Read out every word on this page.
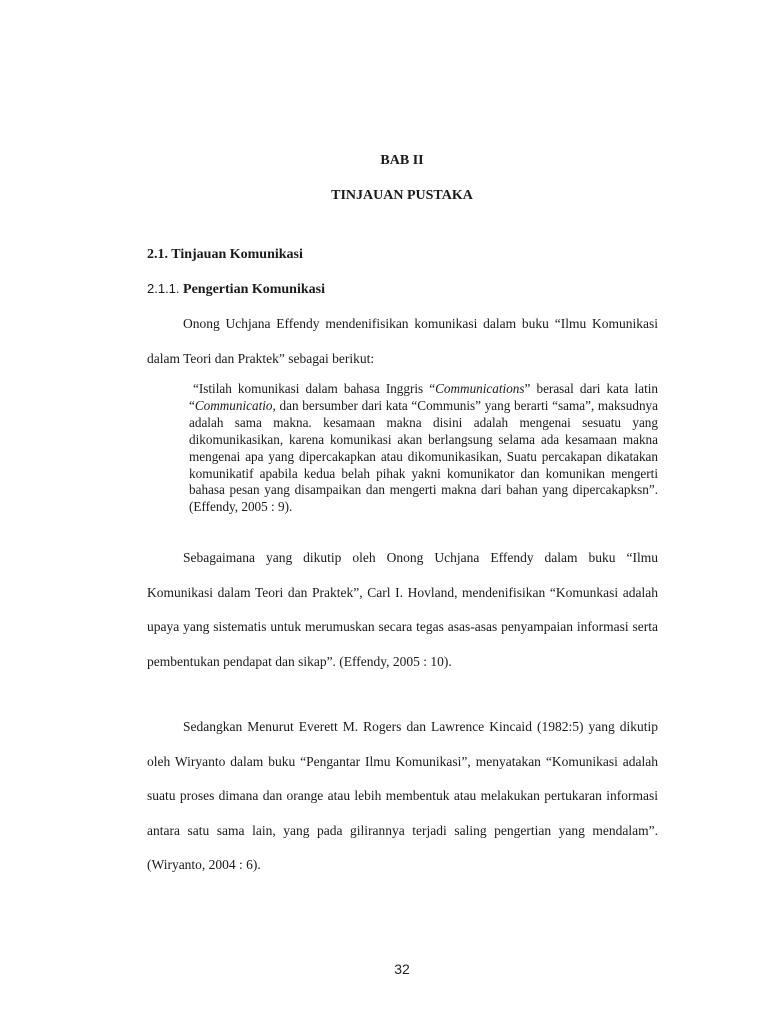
BAB II
TINJAUAN PUSTAKA
2.1. Tinjauan Komunikasi
2.1.1. Pengertian Komunikasi

Onong Uchjana Effendy mendenifisikan komunikasi dalam buku “Ilmu Komunikasi dalam Teori dan Praktek” sebagai berikut:

“Istilah komunikasi dalam bahasa Inggris “Communications” berasal dari kata latin “Communicatio, dan bersumber dari kata “Communis” yang berarti “sama”, maksudnya adalah sama makna. kesamaan makna disini adalah mengenai sesuatu yang dikomunikasikan, karena komunikasi akan berlangsung selama ada kesamaan makna mengenai apa yang dipercakapkan atau dikomunikasikan, Suatu percakapan dikatakan komunikatif apabila kedua belah pihak yakni komunikator dan komunikan mengerti bahasa pesan yang disampaikan dan mengerti makna dari bahan yang dipercakapksn”.(Effendy, 2005 : 9).

Sebagaimana yang dikutip oleh Onong Uchjana Effendy dalam buku “Ilmu Komunikasi dalam Teori dan Praktek”, Carl I. Hovland, mendenifisikan “Komunkasi adalah upaya yang sistematis untuk merumuskan secara tegas asas-asas penyampaian informasi serta pembentukan pendapat dan sikap”. (Effendy, 2005 : 10).

Sedangkan Menurut Everett M. Rogers dan Lawrence Kincaid (1982:5) yang dikutip oleh Wiryanto dalam buku “Pengantar Ilmu Komunikasi”, menyatakan “Komunikasi adalah suatu proses dimana dan orange atau lebih membentuk atau melakukan pertukaran informasi antara satu sama lain, yang pada gilirannya terjadi saling pengertian yang mendalam”. (Wiryanto, 2004 : 6).

32
